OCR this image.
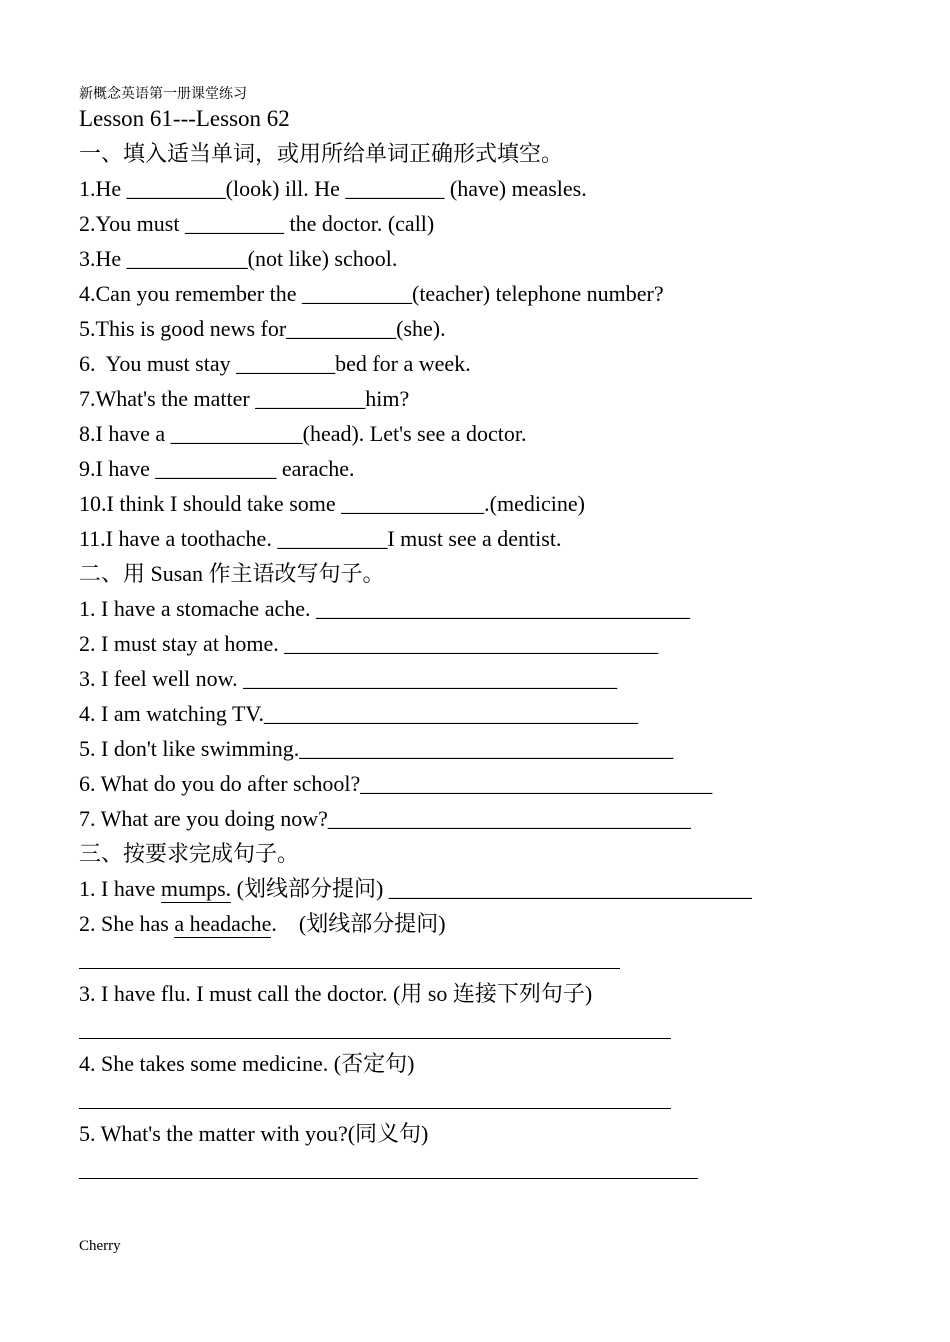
新概念英语第一册课堂练习
Lesson 61---Lesson 62
一、填入适当单词，或用所给单词正确形式填空。
1.He _________(look) ill. He _________ (have) measles.
2.You must _________ the doctor. (call)
3.He ___________(not like) school.
4.Can you remember the __________(teacher) telephone number?
5.This is good news for__________(she).
6.  You must stay _________bed for a week.
7.What's the matter __________him?
8.I have a ____________(head). Let's see a doctor.
9.I have ___________ earache.
10.I think I should take some _____________.(medicine)
11.I have a toothache. __________I must see a dentist.
二、用 Susan 作主语改写句子。
1. I have a stomache ache. __________________________________
2. I must stay at home. __________________________________
3. I feel well now. __________________________________
4. I am watching TV.__________________________________
5. I don't like swimming.__________________________________
6. What do you do after school?________________________________
7. What are you doing now?_________________________________
三、按要求完成句子。
1. I have mumps. (划线部分提问) _________________________________
2. She has a headache.    (划线部分提问)
3. I have flu. I must call the doctor. (用 so 连接下列句子)
4. She takes some medicine. (否定句)
5. What's the matter with you?(同义句)
Cherry
